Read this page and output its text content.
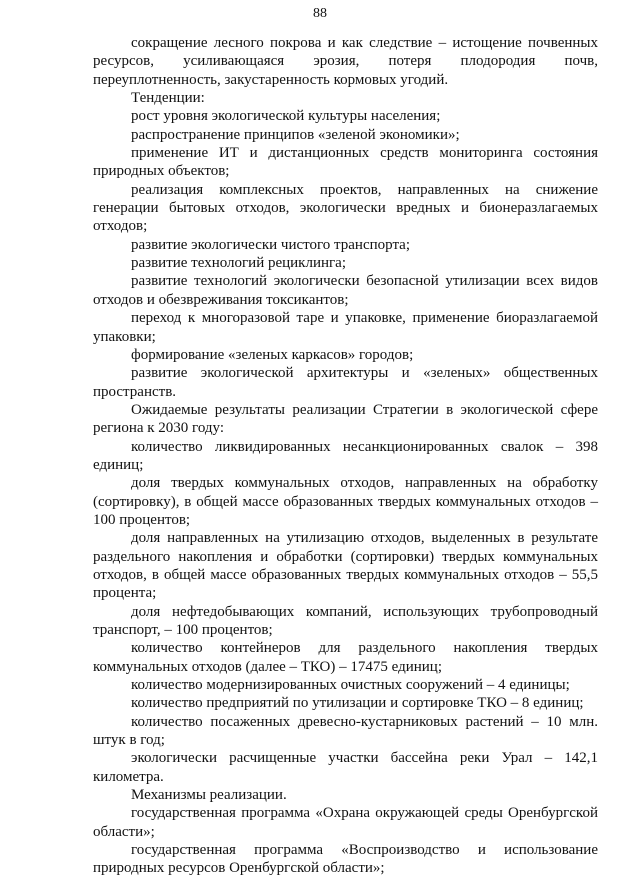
88

сокращение лесного покрова и как следствие – истощение почвенных ресурсов, усиливающаяся эрозия, потеря плодородия почв, переуплотненность, закустаренность кормовых угодий.

Тенденции:

рост уровня экологической культуры населения;

распространение принципов «зеленой экономики»;

применение ИТ и дистанционных средств мониторинга состояния природных объектов;

реализация комплексных проектов, направленных на снижение генерации бытовых отходов, экологически вредных и бионеразлагаемых отходов;

развитие экологически чистого транспорта;

развитие технологий рециклинга;

развитие технологий экологически безопасной утилизации всех видов отходов и обезвреживания токсикантов;

переход к многоразовой таре и упаковке, применение биоразлагаемой упаковки;

формирование «зеленых каркасов» городов;

развитие экологической архитектуры и «зеленых» общественных пространств.

Ожидаемые результаты реализации Стратегии в экологической сфере региона к 2030 году:

количество ликвидированных несанкционированных свалок – 398 единиц;

доля твердых коммунальных отходов, направленных на обработку (сортировку), в общей массе образованных твердых коммунальных отходов – 100 процентов;

доля направленных на утилизацию отходов, выделенных в результате раздельного накопления и обработки (сортировки) твердых коммунальных отходов, в общей массе образованных твердых коммунальных отходов – 55,5 процента;

доля нефтедобывающих компаний, использующих трубопроводный транспорт, – 100 процентов;

количество контейнеров для раздельного накопления твердых коммунальных отходов (далее – ТКО) – 17475 единиц;

количество модернизированных очистных сооружений – 4 единицы;

количество предприятий по утилизации и сортировке ТКО – 8 единиц;

количество посаженных древесно-кустарниковых растений – 10 млн. штук в год;

экологически расчищенные участки бассейна реки Урал – 142,1 километра.

Механизмы реализации.

государственная программа «Охрана окружающей среды Оренбургской области»;

государственная программа «Воспроизводство и использование природных ресурсов Оренбургской области»;
